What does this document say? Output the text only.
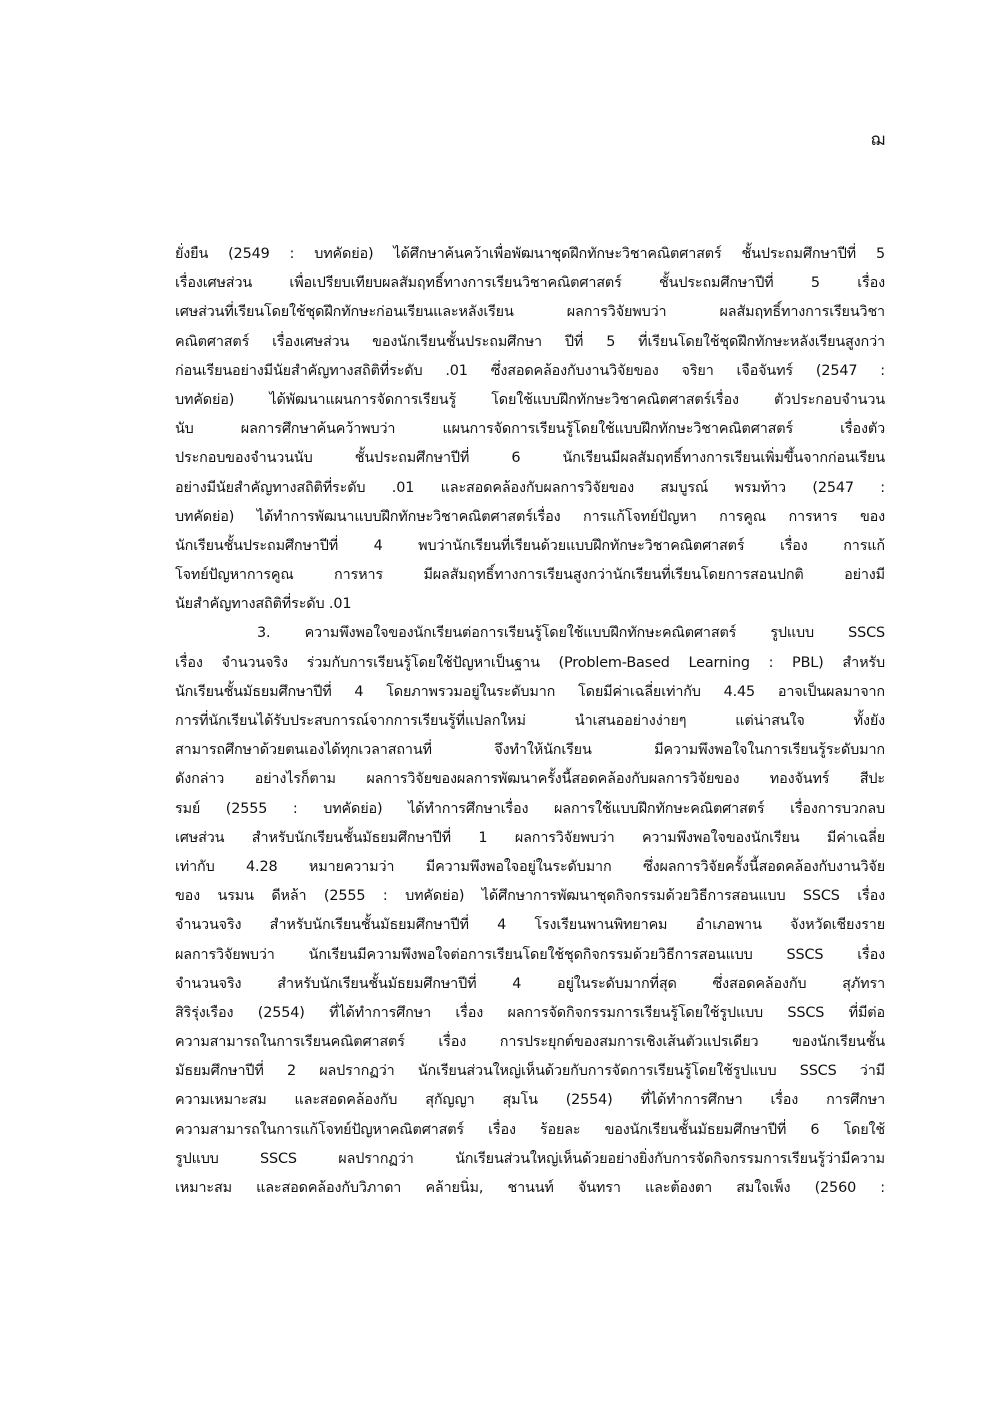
ฌ
ยั่งยืน (2549 : บทคัดย่อ) ได้ศึกษาค้นคว้าเพื่อพัฒนาชุดฝึกทักษะวิชาคณิตศาสตร์ ชั้นประถมศึกษาปีที่ 5
เรื่องเศษส่วน เพื่อเปรียบเทียบผลสัมฤทธิ์ทางการเรียนวิชาคณิตศาสตร์ ชั้นประถมศึกษาปีที่ 5 เรื่อง
เศษส่วนที่เรียนโดยใช้ชุดฝึกทักษะก่อนเรียนและหลังเรียน ผลการวิจัยพบว่า ผลสัมฤทธิ์ทางการเรียนวิชา
คณิตศาสตร์ เรื่องเศษส่วน ของนักเรียนชั้นประถมศึกษา ปีที่ 5 ที่เรียนโดยใช้ชุดฝึกทักษะหลังเรียนสูงกว่า
ก่อนเรียนอย่างมีนัยสำคัญทางสถิติที่ระดับ .01 ซึ่งสอดคล้องกับงานวิจัยของ จริยา เจือจันทร์ (2547 :
บทคัดย่อ) ได้พัฒนาแผนการจัดการเรียนรู้ โดยใช้แบบฝึกทักษะวิชาคณิตศาสตร์เรื่อง ตัวประกอบจำนวน
นับ ผลการศึกษาค้นคว้าพบว่า แผนการจัดการเรียนรู้โดยใช้แบบฝึกทักษะวิชาคณิตศาสตร์ เรื่องตัว
ประกอบของจำนวนนับ ชั้นประถมศึกษาปีที่ 6 นักเรียนมีผลสัมฤทธิ์ทางการเรียนเพิ่มขึ้นจากก่อนเรียน
อย่างมีนัยสำคัญทางสถิติที่ระดับ .01 และสอดคล้องกับผลการวิจัยของ สมบูรณ์ พรมท้าว (2547 :
บทคัดย่อ) ได้ทำการพัฒนาแบบฝึกทักษะวิชาคณิตศาสตร์เรื่อง การแก้โจทย์ปัญหา การคูณ การหาร ของ
นักเรียนชั้นประถมศึกษาปีที่ 4 พบว่านักเรียนที่เรียนด้วยแบบฝึกทักษะวิชาคณิตศาสตร์ เรื่อง การแก้
โจทย์ปัญหาการคูณ การหาร มีผลสัมฤทธิ์ทางการเรียนสูงกว่านักเรียนที่เรียนโดยการสอนปกติ อย่างมี
นัยสำคัญทางสถิติที่ระดับ .01
3. ความพึงพอใจของนักเรียนต่อการเรียนรู้โดยใช้แบบฝึกทักษะคณิตศาสตร์ รูปแบบ SSCS
เรื่อง จำนวนจริง ร่วมกับการเรียนรู้โดยใช้ปัญหาเป็นฐาน (Problem-Based Learning : PBL) สำหรับ
นักเรียนชั้นมัธยมศึกษาปีที่ 4 โดยภาพรวมอยู่ในระดับมาก โดยมีค่าเฉลี่ยเท่ากับ 4.45 อาจเป็นผลมาจาก
การที่นักเรียนได้รับประสบการณ์จากการเรียนรู้ที่แปลกใหม่ นำเสนออย่างง่ายๆ แต่น่าสนใจ ทั้งยัง
สามารถศึกษาด้วยตนเองได้ทุกเวลาสถานที่ จึงทำให้นักเรียน มีความพึงพอใจในการเรียนรู้ระดับมาก
ดังกล่าว อย่างไรก็ตาม ผลการวิจัยของผลการพัฒนาครั้งนี้สอดคล้องกับผลการวิจัยของ ทองจันทร์ สีปะ
รมย์ (2555 : บทคัดย่อ) ได้ทำการศึกษาเรื่อง ผลการใช้แบบฝึกทักษะคณิตศาสตร์ เรื่องการบวกลบ
เศษส่วน สำหรับนักเรียนชั้นมัธยมศึกษาปีที่ 1 ผลการวิจัยพบว่า ความพึงพอใจของนักเรียน มีค่าเฉลี่ย
เท่ากับ 4.28 หมายความว่า มีความพึงพอใจอยู่ในระดับมาก ซึ่งผลการวิจัยครั้งนี้สอดคล้องกับงานวิจัย
ของ นรมน ดีหล้า (2555 : บทคัดย่อ) ได้ศึกษาการพัฒนาชุดกิจกรรมด้วยวิธีการสอนแบบ SSCS เรื่อง
จำนวนจริง สำหรับนักเรียนชั้นมัธยมศึกษาปีที่ 4 โรงเรียนพานพิทยาคม อำเภอพาน จังหวัดเชียงราย
ผลการวิจัยพบว่า นักเรียนมีความพึงพอใจต่อการเรียนโดยใช้ชุดกิจกรรมด้วยวิธีการสอนแบบ SSCS เรื่อง
จำนวนจริง สำหรับนักเรียนชั้นมัธยมศึกษาปีที่ 4 อยู่ในระดับมากที่สุด ซึ่งสอดคล้องกับ สุภัทรา
สิริรุ่งเรือง (2554) ที่ได้ทำการศึกษา เรื่อง ผลการจัดกิจกรรมการเรียนรู้โดยใช้รูปแบบ SSCS ที่มีต่อ
ความสามารถในการเรียนคณิตศาสตร์ เรื่อง การประยุกต์ของสมการเชิงเส้นตัวแปรเดียว ของนักเรียนชั้น
มัธยมศึกษาปีที่ 2 ผลปรากฏว่า นักเรียนส่วนใหญ่เห็นด้วยกับการจัดการเรียนรู้โดยใช้รูปแบบ SSCS ว่ามี
ความเหมาะสม และสอดคล้องกับ สุกัญญา สุมโน (2554) ที่ได้ทำการศึกษา เรื่อง การศึกษา
ความสามารถในการแก้โจทย์ปัญหาคณิตศาสตร์ เรื่อง ร้อยละ ของนักเรียนชั้นมัธยมศึกษาปีที่ 6 โดยใช้
รูปแบบ SSCS ผลปรากฏว่า นักเรียนส่วนใหญ่เห็นด้วยอย่างยิ่งกับการจัดกิจกรรมการเรียนรู้ว่ามีความ
เหมาะสม และสอดคล้องกับวิภาดา คล้ายนิ่ม, ชานนท์ จันทรา และต้องตา สมใจเพ็ง (2560 :
